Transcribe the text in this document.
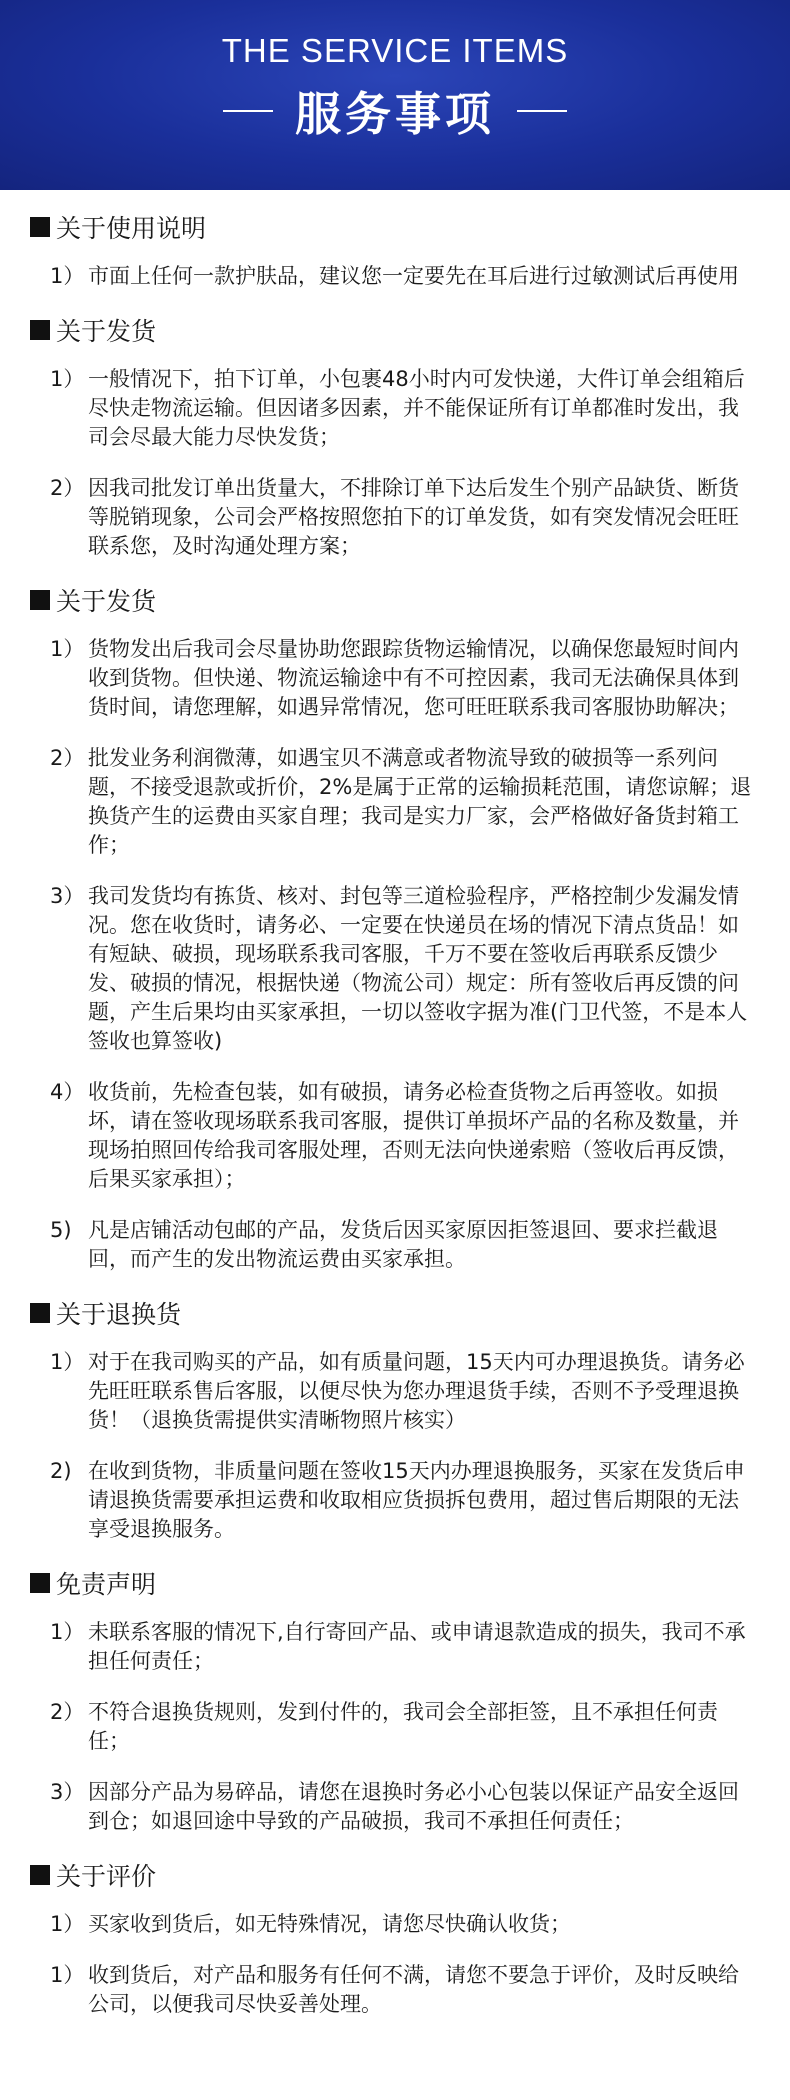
THE SERVICE ITEMS
服务事项
关于使用说明
1） 市面上任何一款护肤品，建议您一定要先在耳后进行过敏测试后再使用
关于发货
1） 一般情况下，拍下订单，小包裹48小时内可发快递，大件订单会组箱后尽快走物流运输。但因诸多因素，并不能保证所有订单都准时发出，我司会尽最大能力尽快发货；
2） 因我司批发订单出货量大，不排除订单下达后发生个别产品缺货、断货等脱销现象，公司会严格按照您拍下的订单发货，如有突发情况会旺旺联系您，及时沟通处理方案；
关于发货
1） 货物发出后我司会尽量协助您跟踪货物运输情况，以确保您最短时间内收到货物。但快递、物流运输途中有不可控因素，我司无法确保具体到货时间，请您理解，如遇异常情况，您可旺旺联系我司客服协助解决；
2） 批发业务利润微薄，如遇宝贝不满意或者物流导致的破损等一系列问题，不接受退款或折价，2%是属于正常的运输损耗范围，请您谅解；退换货产生的运费由买家自理；我司是实力厂家，会严格做好备货封箱工作；
3） 我司发货均有拣货、核对、封包等三道检验程序，严格控制少发漏发情况。您在收货时，请务必、一定要在快递员在场的情况下清点货品！如有短缺、破损，现场联系我司客服，千万不要在签收后再联系反馈少发、破损的情况，根据快递（物流公司）规定：所有签收后再反馈的问题，产生后果均由买家承担，一切以签收字据为准(门卫代签，不是本人签收也算签收)
4） 收货前，先检查包装，如有破损，请务必检查货物之后再签收。如损坏，请在签收现场联系我司客服，提供订单损坏产品的名称及数量，并现场拍照回传给我司客服处理，否则无法向快递索赔（签收后再反馈，后果买家承担）；
5) 凡是店铺活动包邮的产品，发货后因买家原因拒签退回、要求拦截退回，而产生的发出物流运费由买家承担。
关于退换货
1） 对于在我司购买的产品，如有质量问题，15天内可办理退换货。请务必先旺旺联系售后客服，以便尽快为您办理退货手续，否则不予受理退换货！（退换货需提供实清晰物照片核实）
2) 在收到货物，非质量问题在签收15天内办理退换服务，买家在发货后申请退换货需要承担运费和收取相应货损拆包费用，超过售后期限的无法享受退换服务。
免责声明
1） 未联系客服的情况下,自行寄回产品、或申请退款造成的损失，我司不承担任何责任；
2） 不符合退换货规则，发到付件的，我司会全部拒签，且不承担任何责任；
3） 因部分产品为易碎品，请您在退换时务必小心包装以保证产品安全返回到仓；如退回途中导致的产品破损，我司不承担任何责任；
关于评价
1） 买家收到货后，如无特殊情况，请您尽快确认收货；
1） 收到货后，对产品和服务有任何不满，请您不要急于评价，及时反映给公司，以便我司尽快妥善处理。
